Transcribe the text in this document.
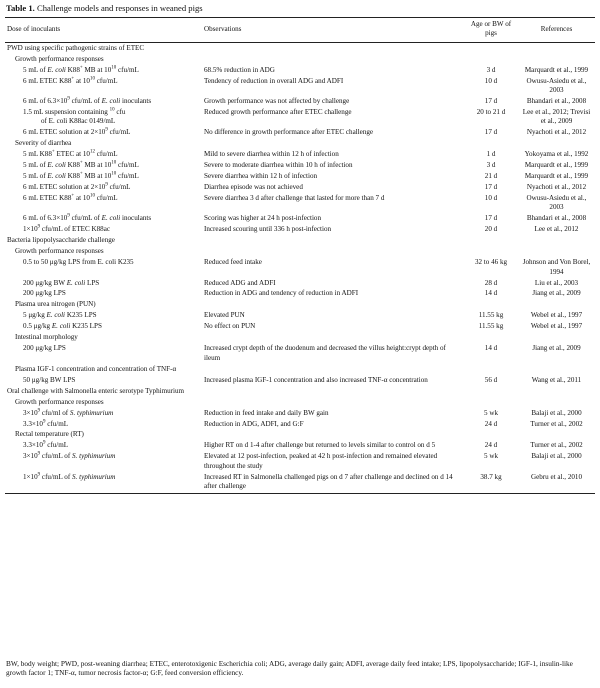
Table 1. Challenge models and responses in weaned pigs
Dose of inoculants	Observations	Age or BW of pigs	References
PWD using specific pathogenic strains of ETEC			
Growth performance responses			
5 mL of E. coli K88+ MB at $10^{10}$ cfu/mL	68.5% reduction in ADG	3 d	Marquardt et al., 1999
6 mL ETEC K88+ at $10^{10}$ cfu/mL	Tendency of reduction in overall ADG and ADFI	10 d	Owusu-Asiedu et al., 2003
6 mL of $6.3\times 10^9$ cfu/mL of E. coli inoculants	Growth performance was not affected by challenge	17 d	Bhandari et al., 2008
1.5 mL suspension containing $^{10}$ cfu
of E. coli K88ac 0149/mL	Reduced growth performance after ETEC challenge	20 to 21 d	Lee et al., 2012; Trevisi et al., 2009
6 mL ETEC solution at $2\times 10^9$ cfu/mL	No difference in growth performance after ETEC challenge	17 d	Nyachoti et al., 2012
Severity of diarrhea			
5 mL K88+ ETEC at $10^{12}$ cfu/mL	Mild to severe diarrhea within 12 h of infection	1 d	Yokoyama et al., 1992
5 mL of E. coli K88+ MB at $10^{10}$ cfu/mL	Severe to moderate diarrhea within 10 h of infection	3 d	Marquardt et al., 1999
5 mL of E. coli K88+ MB at $10^{10}$ cfu/mL	Severe diarrhea within 12 h of infection	21 d	Marquardt et al., 1999
6 mL ETEC solution at $2\times 10^9$ cfu/mL	Diarrhea episode was not achieved	17 d	Nyachoti et al., 2012
6 mL ETEC K88+ at $10^{10}$ cfu/mL	Severe diarrhea 3 d after challenge that lasted for more than 7 d	10 d	Owusu-Asiedu et al., 2003
6 mL of $6.3\times 10^9$ cfu/mL of E. coli inoculants	Scoring was higher at 24 h post-infection	17 d	Bhandari et al., 2008
$1\times 10^9$ cfu/mL of ETEC K88ac	Increased scouring until 336 h post-infection	20 d	Lee et al., 2012
Bacteria lipopolysaccharide challenge			
Growth performance responses			
0.5 to 50 μg/kg LPS from E. coli K235	Reduced feed intake	32 to 46 kg	Johnson and Von Borel, 1994
200 μg/kg BW E. coli LPS	Reduced ADG and ADFI	28 d	Liu et al., 2003
200 μg/kg LPS	Reduction in ADG and tendency of reduction in ADFI	14 d	Jiang et al., 2009
Plasma urea nitrogen (PUN)			
5 μg/kg E. coli K235 LPS	Elevated PUN	11.55 kg	Webel et al., 1997
0.5 μg/kg E. coli K235 LPS	No effect on PUN	11.55 kg	Webel et al., 1997
Intestinal morphology			
200 μg/kg LPS	Increased crypt depth of the duodenum and decreased the villus height:crypt depth of ileum	14 d	Jiang et al., 2009
Plasma IGF-1 concentration and concentration of TNF-α			
50 μg/kg BW LPS	Increased plasma IGF-1 concentration and also increased TNF-α concentration	56 d	Wang et al., 2011
Oral challenge with Salmonella enteric serotype Typhimurium			
Growth performance responses			
$3\times 10^9$ cfu/ml of S. typhimurium	Reduction in feed intake and daily BW gain	5 wk	Balaji et al., 2000
$3.3\times 10^9$ cfu/mL	Reduction in ADG, ADFI, and G:F	24 d	Turner et al., 2002
Rectal temperature (RT)			
$3.3\times 10^9$ cfu/mL	Higher RT on d 1-4 after challenge but returned to levels similar to control on d 5	24 d	Turner et al., 2002
$3\times 10^9$ cfu/mL of S. typhimurium	Elevated at 12 post-infection, peaked at 42 h post-infection and remained elevated throughout the study	5 wk	Balaji et al., 2000
$1\times 10^9$ cfu/mL of S. typhimurium	Increased RT in Salmonella challenged pigs on d 7 after challenge and declined on d 14 after challenge	38.7 kg	Gebru et al., 2010
BW, body weight; PWD, post-weaning diarrhea; ETEC, enterotoxigenic Escherichia coli; ADG, average daily gain; ADFI, average daily feed intake; LPS, lipopolysaccharide; IGF-1, insulin-like growth factor 1; TNF-α, tumor necrosis factor-α; G:F, feed conversion efficiency.
